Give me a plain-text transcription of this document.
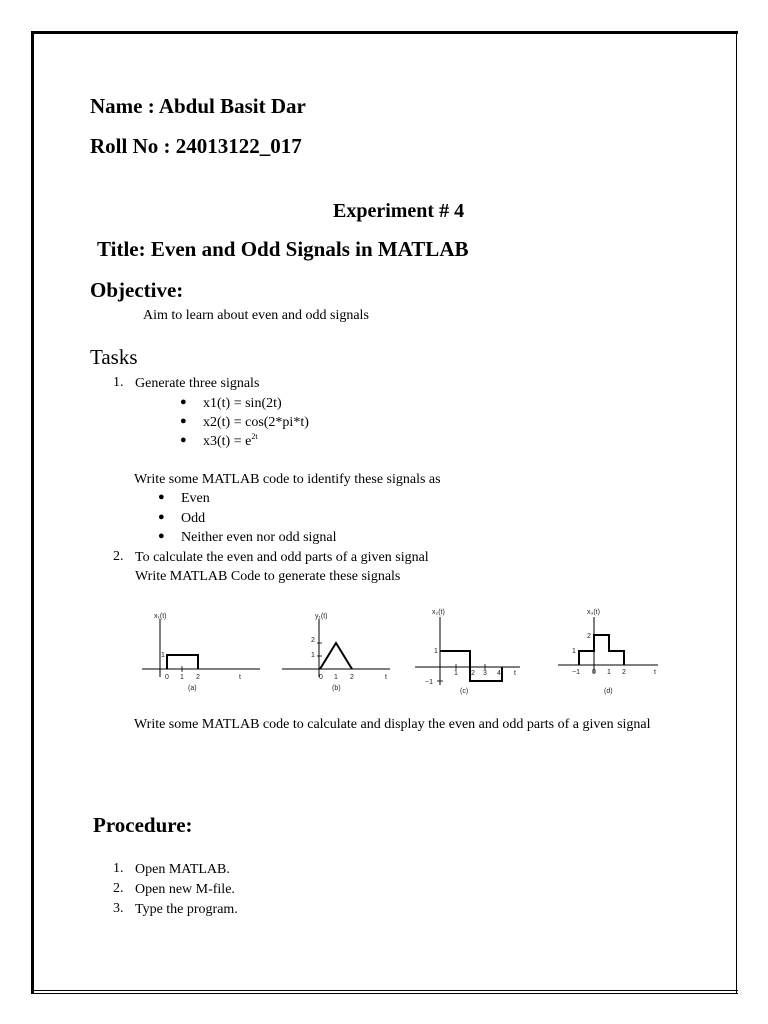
Name : Abdul Basit Dar
Roll No : 24013122_017
Experiment # 4
Title: Even and Odd Signals in MATLAB
Objective:
Aim to learn about even and odd signals
Tasks
1. Generate three signals
● x1(t) = sin(2t)
● x2(t) = cos(2*pi*t)
● $x3(t) = e^{2t}$
Write some MATLAB code to identify these signals as
● Even
● Odd
● Neither even nor odd signal
2. To calculate the even and odd parts of a given signal
Write MATLAB Code to generate these signals
x₁(t)
1
0 1 2	t
(a)
y₁(t)
2
1
0 1 2	t
(b)
x₂(t)
1
−1
1 2 3 4 t
(c)
x₃(t)
2
1
−1 0 1 2	t
(d)
Write some MATLAB code to calculate and display the even and odd parts of a given signal
Procedure:
1. Open MATLAB.
2. Open new M-file.
3. Type the program.
